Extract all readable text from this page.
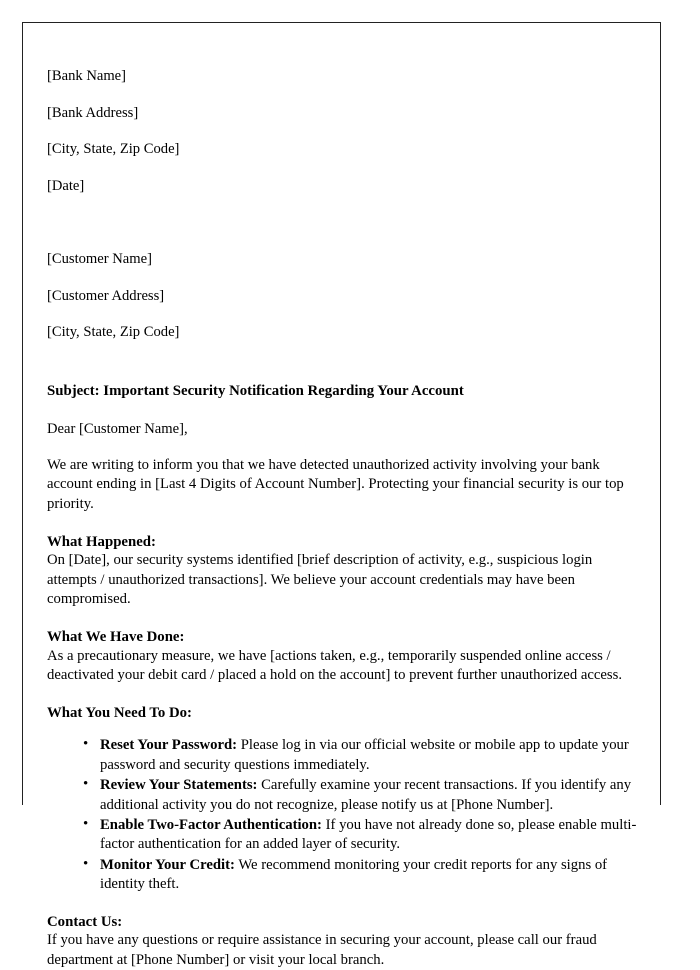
[Bank Name]

[Bank Address]

[City, State, Zip Code]

[Date]

[Customer Name]

[Customer Address]

[City, State, Zip Code]

Subject: Important Security Notification Regarding Your Account
Dear [Customer Name],
We are writing to inform you that we have detected unauthorized activity involving your bank account ending in [Last 4 Digits of Account Number]. Protecting your financial security is our top priority.
What Happened:
On [Date], our security systems identified [brief description of activity, e.g., suspicious login attempts / unauthorized transactions]. We believe your account credentials may have been compromised.
What We Have Done:
As a precautionary measure, we have [actions taken, e.g., temporarily suspended online access / deactivated your debit card / placed a hold on the account] to prevent further unauthorized access.
What You Need To Do:
• Reset Your Password: Please log in via our official website or mobile app to update your password and security questions immediately.
• Review Your Statements: Carefully examine your recent transactions. If you identify any additional activity you do not recognize, please notify us at [Phone Number].
• Enable Two-Factor Authentication: If you have not already done so, please enable multi-factor authentication for an added layer of security.
• Monitor Your Credit: We recommend monitoring your credit reports for any signs of identity theft.
Contact Us:
If you have any questions or require assistance in securing your account, please call our fraud department at [Phone Number] or visit your local branch.
